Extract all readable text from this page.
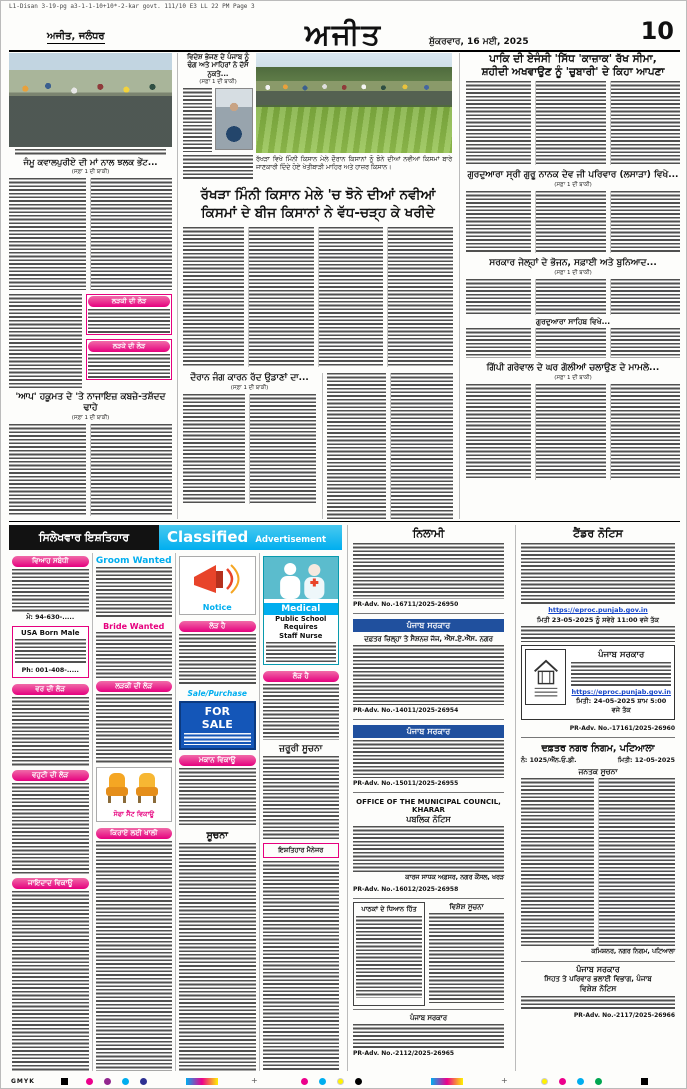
L1-Disan 3-19-pg a3-1-1-10+10*-2-kar govt. 111/10 E3 LL 22 PM Page 3
ਅਜੀਤ, ਜਲੰਧਰ	ਅਜੀਤ	ਸ਼ੁੱਕਰਵਾਰ, 16 ਮਈ, 2025	10
ਜੰਮੂ ਕਵਾਲਪੁਰੀਏ ਦੀ ਮਾਂ ਨਾਲ ਝਲਕ ਭੇਂਟ...
(ਸਫ਼ਾ 1 ਦੀ ਬਾਕੀ)
ਲੜਕੀ ਦੀ ਲੋੜ
ਲੜਕੇ ਦੀ ਲੋੜ
'ਆਪ' ਹਕੂਮਤ ਦੇ 'ਤੇ ਨਾਜਾਇਜ਼ ਕਬਜ਼ੇ-ਤਸ਼ੱਦਦ ਢਾਹੇ
(ਸਫ਼ਾ 1 ਦੀ ਬਾਕੀ)
ਵਿਦੇਸ਼ ਭੇਜਣ ਦੇ ਪੰਜਾਬ ਨੂੰ ਢੰਗ ਅਤੇ ਮਾਹਿਰਾਂ ਨੇ ਦੱਸੇ ਨੁਕਤੇ...
(ਸਫ਼ਾ 1 ਦੀ ਬਾਕੀ)
ਰੱਖੜਾ ਵਿਖੇ ਮਿੰਨੀ ਕਿਸਾਨ ਮੇਲੇ ਦੌਰਾਨ ਕਿਸਾਨਾਂ ਨੂੰ ਝੋਨੇ ਦੀਆਂ ਨਵੀਆਂ ਕਿਸਮਾਂ ਬਾਰੇ ਜਾਣਕਾਰੀ ਦਿੰਦੇ ਹੋਏ ਖੇਤੀਬਾੜੀ ਮਾਹਿਰ ਅਤੇ ਹਾਜ਼ਰ ਕਿਸਾਨ।
ਰੱਖੜਾ ਮਿੰਨੀ ਕਿਸਾਨ ਮੇਲੇ 'ਚ ਝੋਨੇ ਦੀਆਂ ਨਵੀਆਂ
ਕਿਸਮਾਂ ਦੇ ਬੀਜ ਕਿਸਾਨਾਂ ਨੇ ਵੱਧ-ਚੜ੍ਹ ਕੇ ਖਰੀਦੇ
ਦੌਰਾਨ ਜੰਗ ਕਾਰਨ ਰੱਦ ਉਡਾਣਾਂ ਦਾ...
(ਸਫ਼ਾ 1 ਦੀ ਬਾਕੀ)
ਪਾਕਿ ਦੀ ਏਜੰਸੀ 'ਸਿੱਧ 'ਕਾਜ਼ਾਕ' ਰੱਖ ਸੀਮਾ,
ਸ਼ਹੀਦੀ ਅਖਵਾਉਣ ਨੂੰ 'ਚੁਬਾਰੀ' ਦੇ ਕਿਹਾ ਆਪਣਾ
ਗੁਰਦੁਆਰਾ ਸ੍ਰੀ ਗੁਰੂ ਨਾਨਕ ਦੇਵ ਜੀ ਪਰਿਵਾਰ (ਲਸਾੜਾ) ਵਿਖੇ...
(ਸਫ਼ਾ 1 ਦੀ ਬਾਕੀ)
ਸਰਕਾਰ ਜੇਲ੍ਹਾਂ ਦੇ ਭੋਜਨ, ਸਫ਼ਾਈ ਅਤੇ ਬੁਨਿਆਦ...
(ਸਫ਼ਾ 1 ਦੀ ਬਾਕੀ)
ਗੁਰਦੁਆਰਾ ਸਾਹਿਬ ਵਿਖੇ...
ਗਿੱਪੀ ਗਰੇਵਾਲ ਦੇ ਘਰ ਗੋਲੀਆਂ ਚਲਾਉਣ ਦੇ ਮਾਮਲੇ...
(ਸਫ਼ਾ 1 ਦੀ ਬਾਕੀ)
ਸਿਲੇਖਵਾਰ ਇਸ਼ਤਿਹਾਰ	Classified Advertisement
ਵਿਆਹ ਸਬੰਧੀ
ਮੋ: 94-630-.....
USA Born Male
Ph: 001-408-.....
ਵਰ ਦੀ ਲੋੜ
ਵਹੁਟੀ ਦੀ ਲੋੜ
ਜਾਇਦਾਦ ਵਿਕਾਊ
Groom Wanted
Bride Wanted
ਲੜਕੀ ਦੀ ਲੋੜ
ਸੋਫਾ ਸੈੱਟ ਵਿਕਾਊ
ਕਿਰਾਏ ਲਈ ਖਾਲੀ
Notice
ਲੋੜ ਹੈ
Sale/Purchase
FOR
SALE
ਮਕਾਨ ਵਿਕਾਊ
ਸੂਚਨਾ
Medical
Public School
Requires
Staff Nurse
ਲੋੜ ਹੈ
ਜ਼ਰੂਰੀ ਸੂਚਨਾ
ਇਸ਼ਤਿਹਾਰ ਮੈਨੇਜਰ
ਨਿਲਾਮੀ
PR-Adv. No.-16711/2025-26950
ਪੰਜਾਬ ਸਰਕਾਰ
ਦਫ਼ਤਰ ਜ਼ਿਲ੍ਹਾ ਤੇ ਸੈਸ਼ਨਜ਼ ਜੱਜ, ਐੱਸ.ਏ.ਐੱਸ. ਨਗਰ
PR-Adv. No.-14011/2025-26954
ਪੰਜਾਬ ਸਰਕਾਰ
PR-Adv. No.-15011/2025-26955
OFFICE OF THE MUNICIPAL COUNCIL, KHARAR
ਪਬਲਿਕ ਨੋਟਿਸ
ਕਾਰਜ ਸਾਧਕ ਅਫ਼ਸਰ, ਨਗਰ ਕੌਂਸਲ, ਖਰੜ
PR-Adv. No.-16012/2025-26958
ਪਾਠਕਾਂ ਦੇ ਧਿਆਨ ਹਿੱਤ	ਵਿਸ਼ੇਸ਼ ਸੂਚਨਾ
ਪੰਜਾਬ ਸਰਕਾਰ
PR-Adv. No.-2112/2025-26965
ਟੈਂਡਰ ਨੋਟਿਸ
https://eproc.punjab.gov.in
ਮਿਤੀ 23-05-2025 ਨੂੰ ਸਵੇਰੇ 11:00 ਵਜੇ ਤੱਕ
ਪੰਜਾਬ ਸਰਕਾਰ
https://eproc.punjab.gov.in
ਮਿਤੀ: 24-05-2025 ਸ਼ਾਮ 5:00 ਵਜੇ ਤੱਕ
PR-Adv. No.-17161/2025-26960
ਦਫ਼ਤਰ ਨਗਰ ਨਿਗਮ, ਪਟਿਆਲਾ
ਨੰ: 1025/ਐੱਨ.ਓ.ਡੀ.	ਮਿਤੀ: 12-05-2025
ਜਨਤਕ ਸੂਚਨਾ
ਕਮਿਸ਼ਨਰ, ਨਗਰ ਨਿਗਮ, ਪਟਿਆਲਾ
ਪੰਜਾਬ ਸਰਕਾਰ
ਸਿਹਤ ਤੇ ਪਰਿਵਾਰ ਭਲਾਈ ਵਿਭਾਗ, ਪੰਜਾਬ
ਵਿਸ਼ੇਸ਼ ਨੋਟਿਸ
PR-Adv. No.-2117/2025-26966
GMYK	+	+
